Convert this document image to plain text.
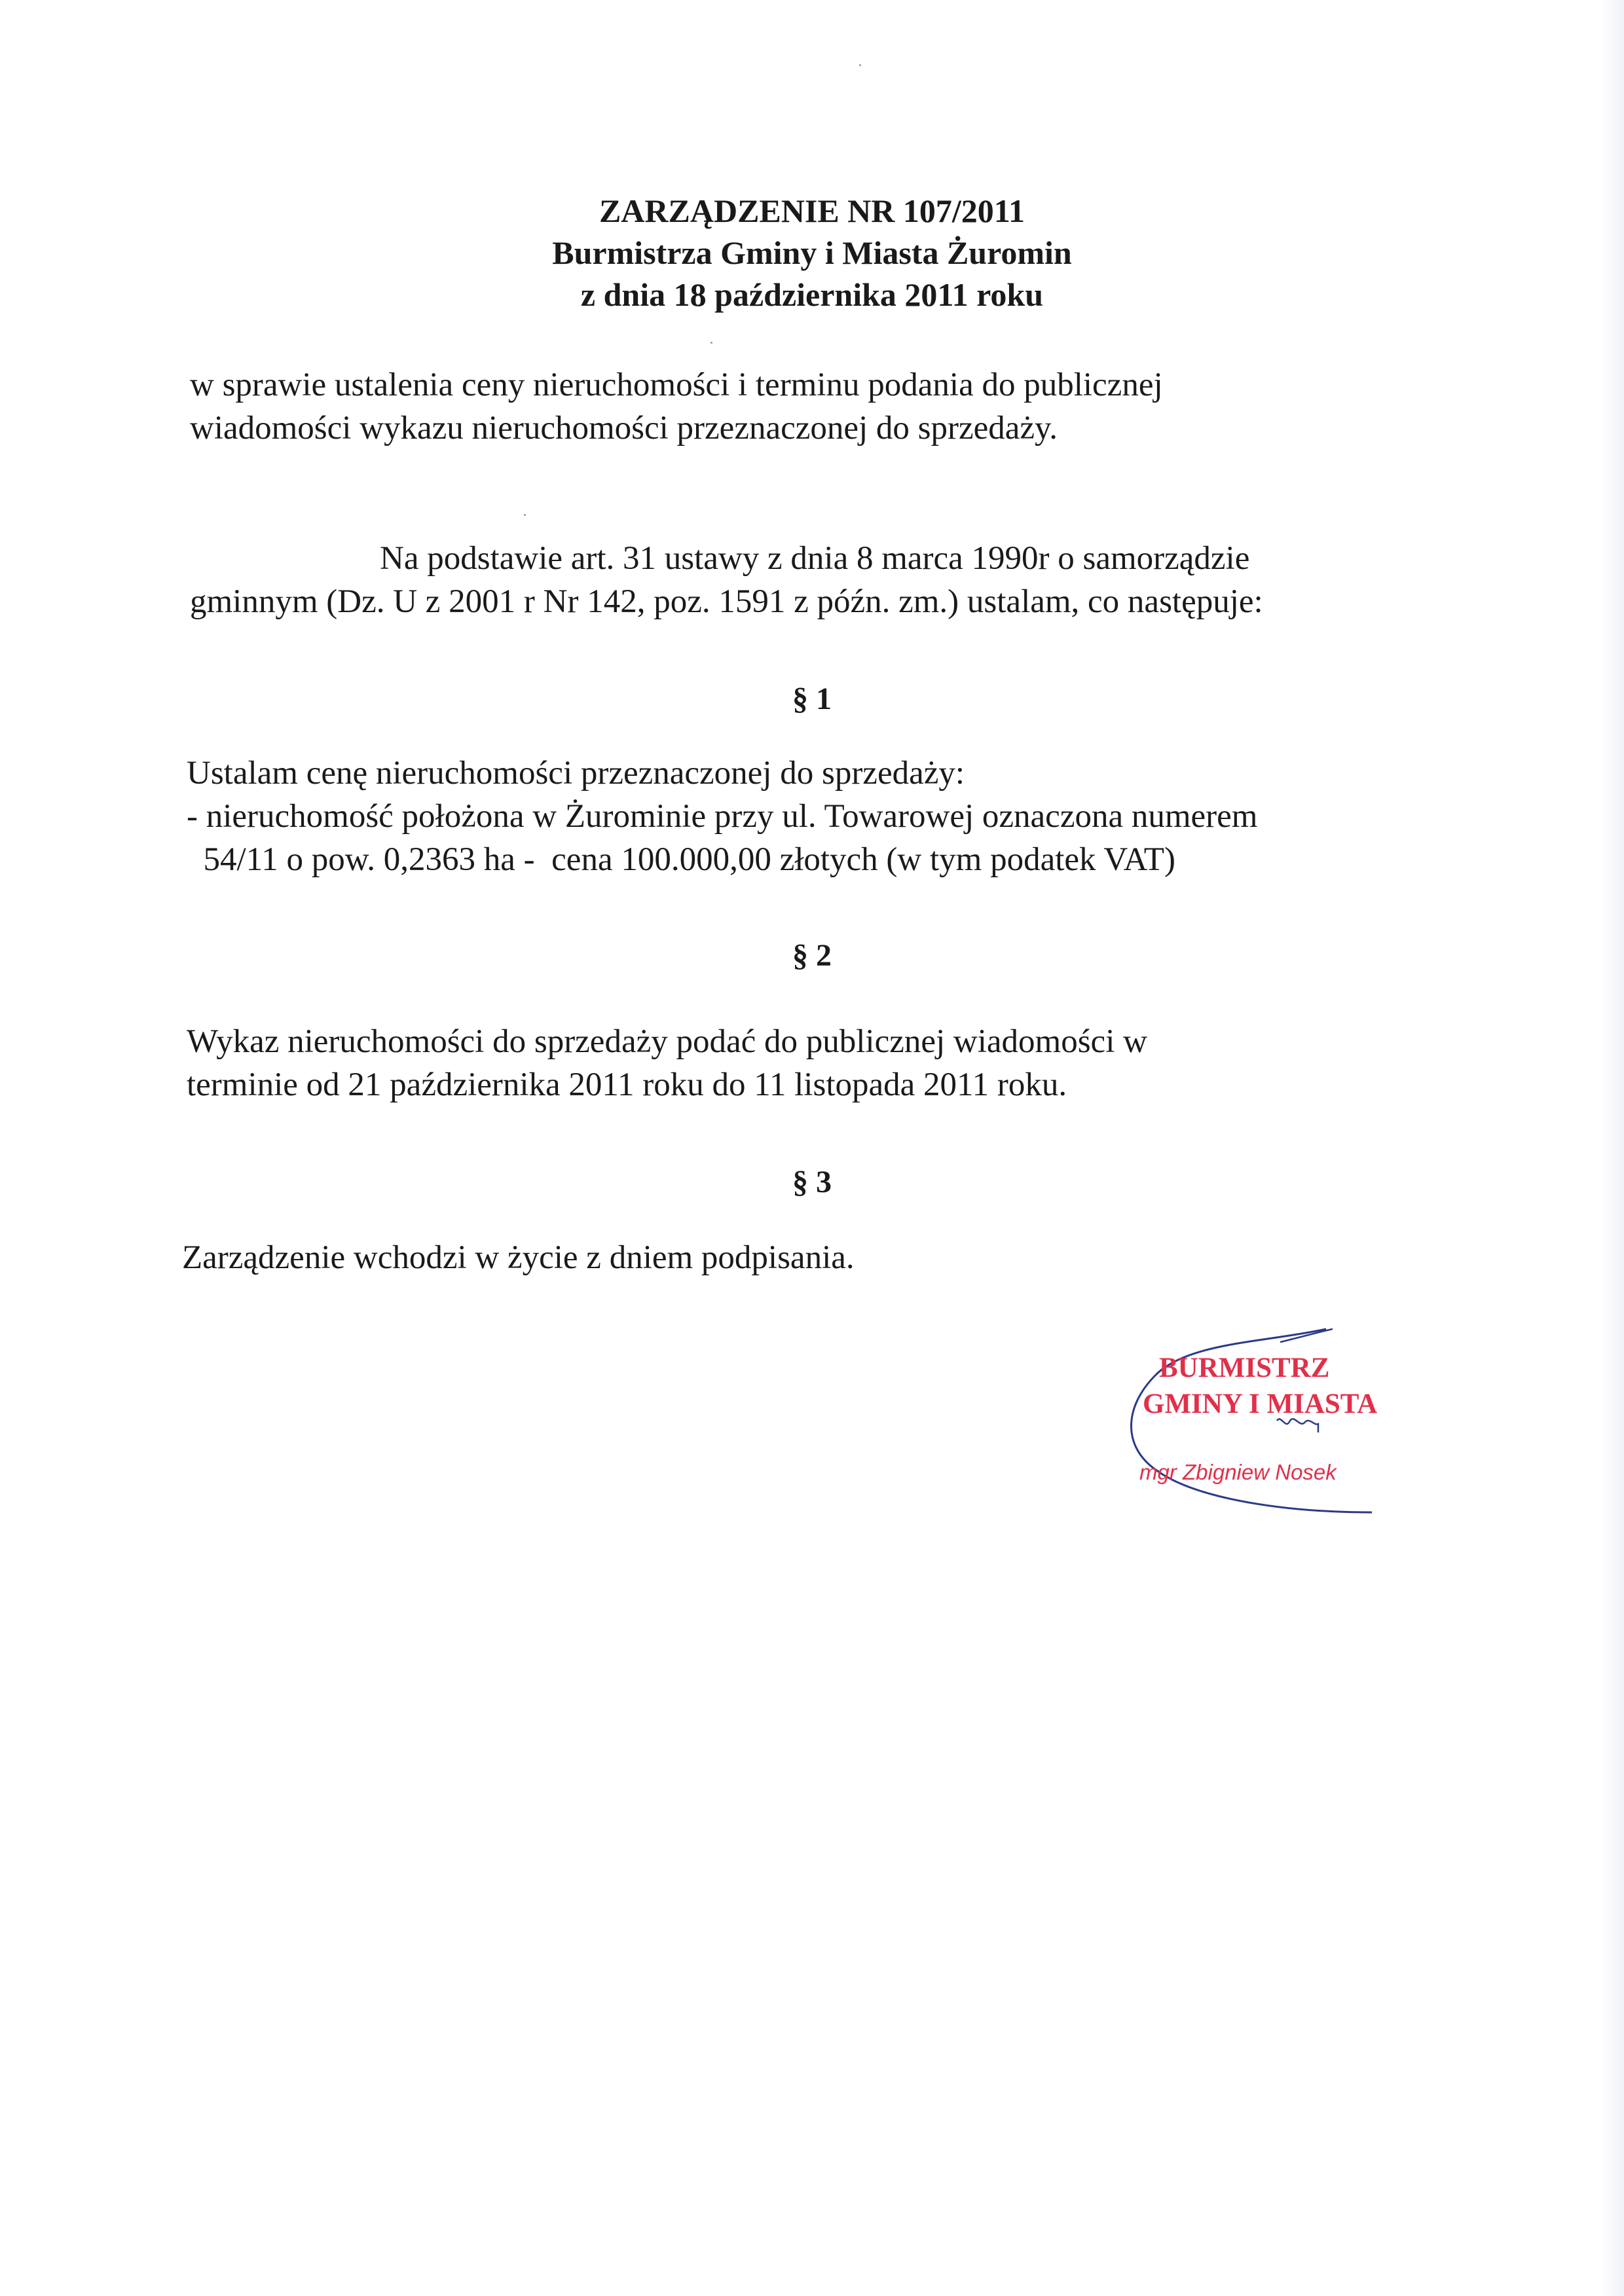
ZARZĄDZENIE NR 107/2011
Burmistrza Gminy i Miasta Żuromin
z dnia 18 października 2011 roku
w sprawie ustalenia ceny nieruchomości i terminu podania do publicznej
wiadomości wykazu nieruchomości przeznaczonej do sprzedaży.
Na podstawie art. 31 ustawy z dnia 8 marca 1990r o samorządzie
gminnym (Dz. U z 2001 r Nr 142, poz. 1591 z późn. zm.) ustalam, co następuje:
§ 1
Ustalam cenę nieruchomości przeznaczonej do sprzedaży:
- nieruchomość położona w Żurominie przy ul. Towarowej oznaczona numerem
54/11 o pow. 0,2363 ha -  cena 100.000,00 złotych (w tym podatek VAT)
§ 2
Wykaz nieruchomości do sprzedaży podać do publicznej wiadomości w
terminie od 21 października 2011 roku do 11 listopada 2011 roku.
§ 3
Zarządzenie wchodzi w życie z dniem podpisania.
BURMISTRZ
GMINY I MIASTA
mgr Zbigniew Nosek
